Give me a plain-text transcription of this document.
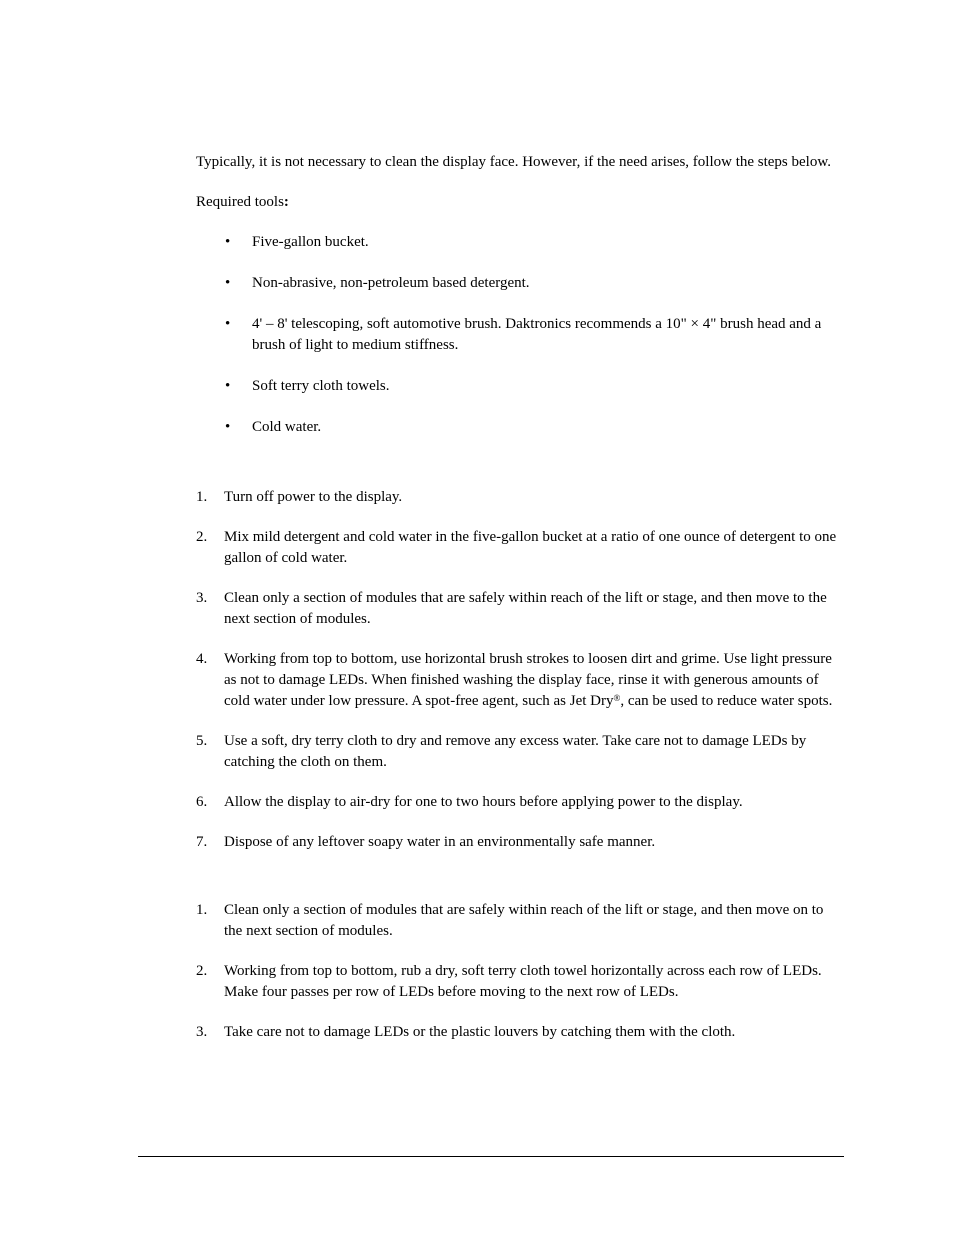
Typically, it is not necessary to clean the display face. However, if the need arises, follow the steps below.

Required tools:

• Five-gallon bucket.
• Non-abrasive, non-petroleum based detergent.
• 4' – 8' telescoping, soft automotive brush. Daktronics recommends a 10" × 4" brush head and a brush of light to medium stiffness.
• Soft terry cloth towels.
• Cold water.
1. Turn off power to the display.
2. Mix mild detergent and cold water in the five-gallon bucket at a ratio of one ounce of detergent to one gallon of cold water.
3. Clean only a section of modules that are safely within reach of the lift or stage, and then move to the next section of modules.
4. Working from top to bottom, use horizontal brush strokes to loosen dirt and grime. Use light pressure as not to damage LEDs. When finished washing the display face, rinse it with generous amounts of cold water under low pressure. A spot-free agent, such as Jet Dry®, can be used to reduce water spots.
5. Use a soft, dry terry cloth to dry and remove any excess water. Take care not to damage LEDs by catching the cloth on them.
6. Allow the display to air-dry for one to two hours before applying power to the display.
7. Dispose of any leftover soapy water in an environmentally safe manner.
1. Clean only a section of modules that are safely within reach of the lift or stage, and then move on to the next section of modules.
2. Working from top to bottom, rub a dry, soft terry cloth towel horizontally across each row of LEDs. Make four passes per row of LEDs before moving to the next row of LEDs.
3. Take care not to damage LEDs or the plastic louvers by catching them with the cloth.
